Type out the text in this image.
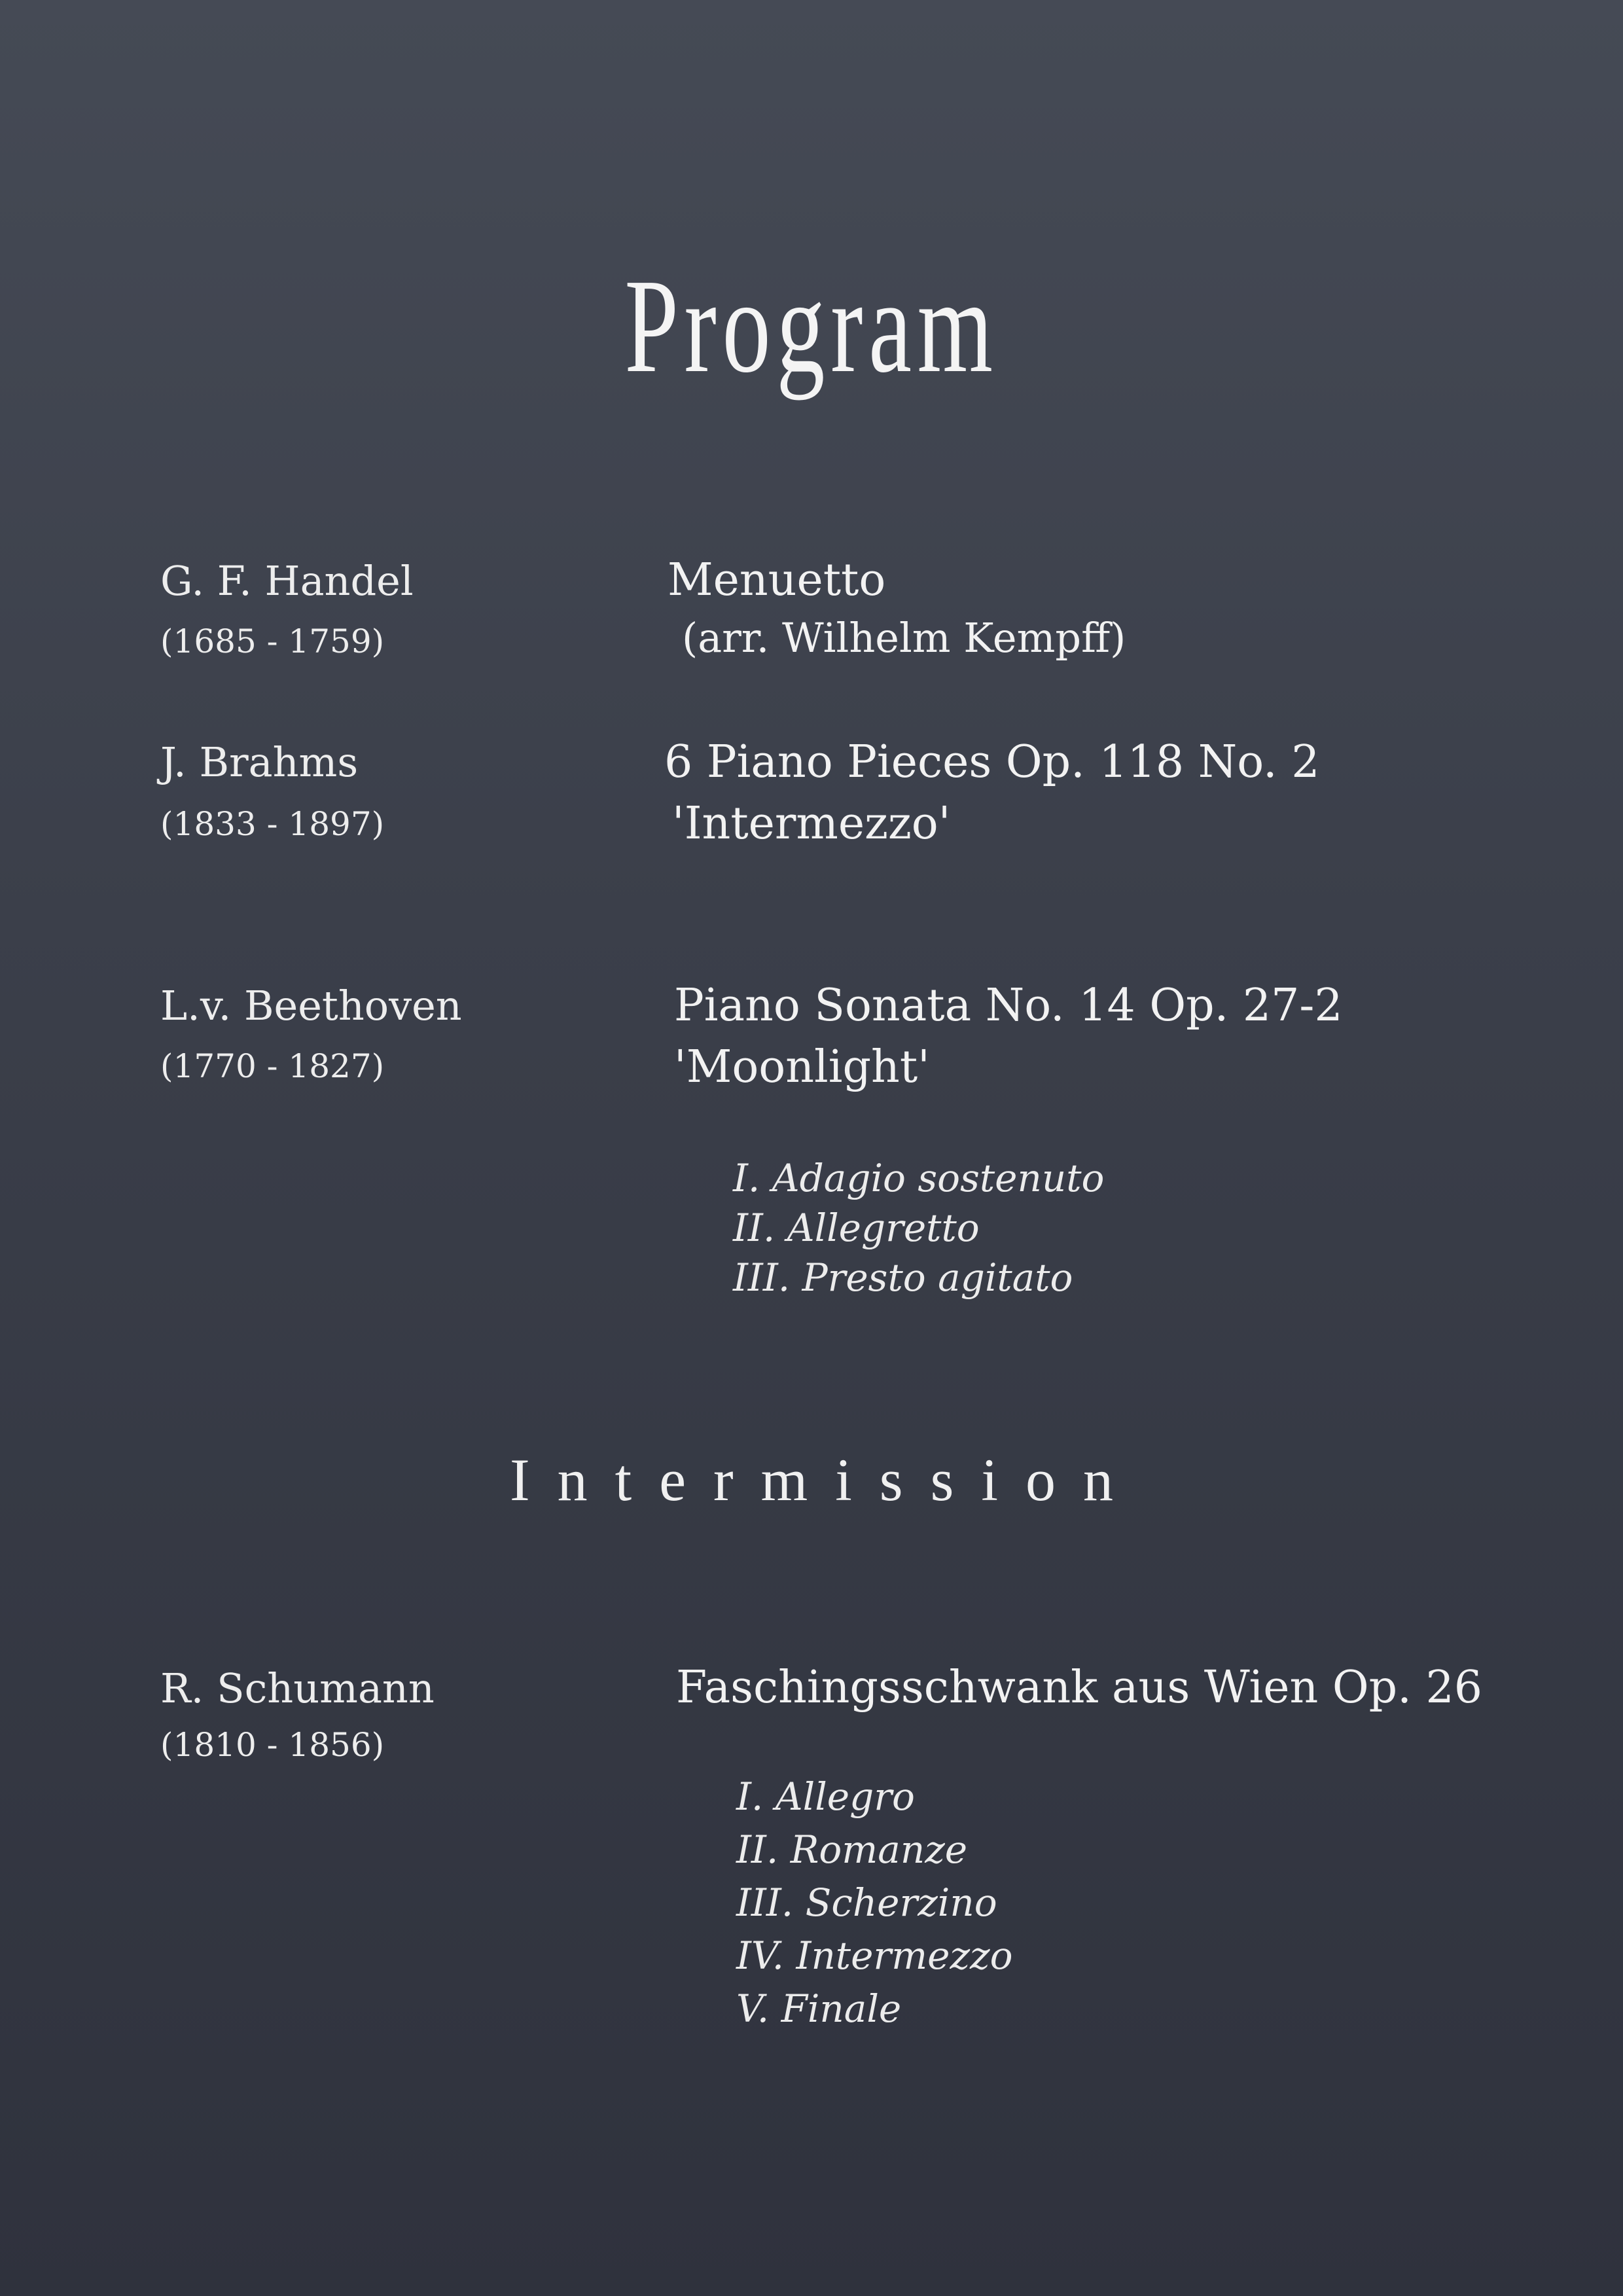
Program
G. F. Handel
(1685 - 1759)
Menuetto
(arr. Wilhelm Kempff)
J. Brahms
(1833 - 1897)
6 Piano Pieces Op. 118 No. 2
'Intermezzo'
L.v. Beethoven
(1770 - 1827)
Piano Sonata No. 14 Op. 27-2
'Moonlight'
I. Adagio sostenuto
II. Allegretto
III. Presto agitato
Intermission
R. Schumann
(1810 - 1856)
Faschingsschwank aus Wien Op. 26
I. Allegro
II. Romanze
III. Scherzino
IV. Intermezzo
V. Finale
